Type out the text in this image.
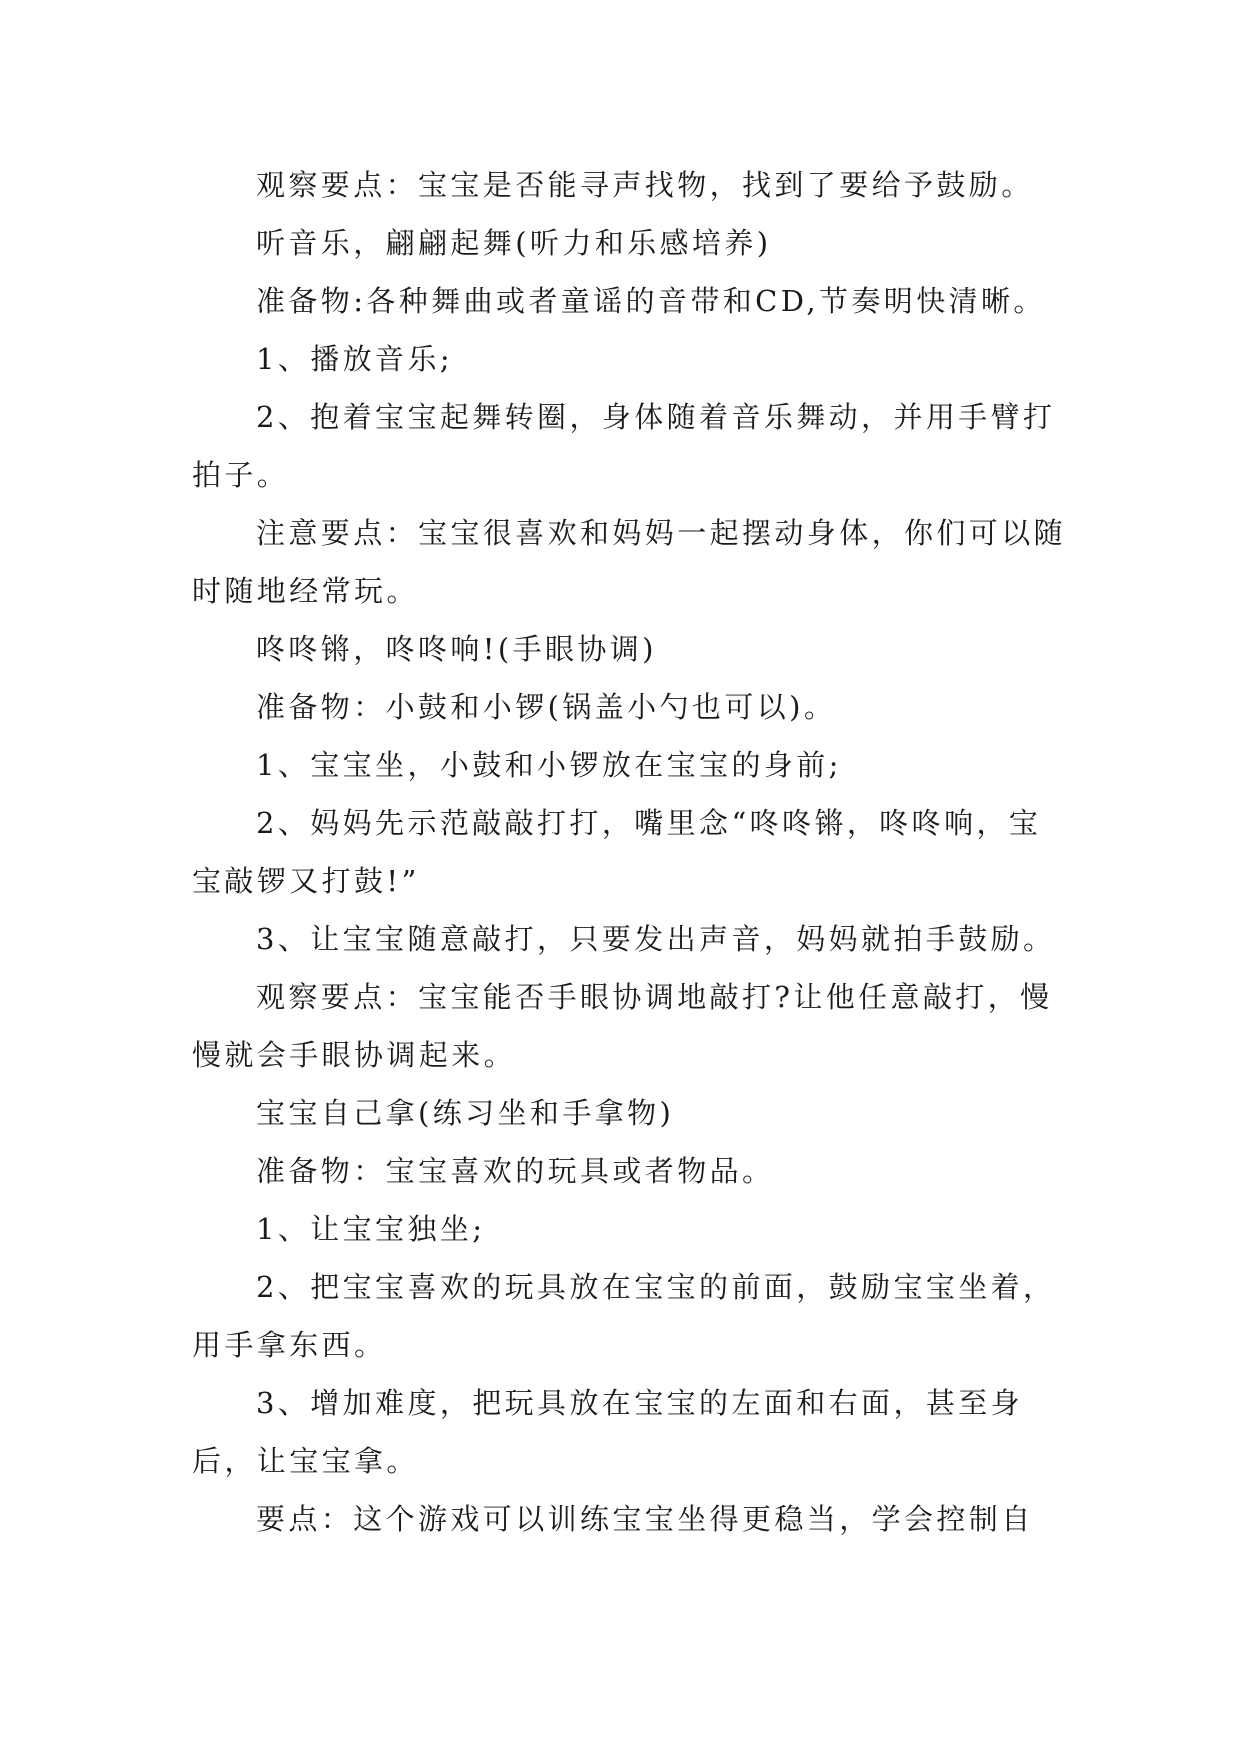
观察要点：宝宝是否能寻声找物，找到了要给予鼓励。

听音乐，翩翩起舞(听力和乐感培养)

准备物:各种舞曲或者童谣的音带和CD,节奏明快清晰。

1、播放音乐;

2、抱着宝宝起舞转圈，身体随着音乐舞动，并用手臂打拍子。

注意要点：宝宝很喜欢和妈妈一起摆动身体，你们可以随时随地经常玩。

咚咚锵，咚咚响!(手眼协调)

准备物：小鼓和小锣(锅盖小勺也可以)。

1、宝宝坐，小鼓和小锣放在宝宝的身前;

2、妈妈先示范敲敲打打，嘴里念“咚咚锵，咚咚响，宝宝敲锣又打鼓!”

3、让宝宝随意敲打，只要发出声音，妈妈就拍手鼓励。

观察要点：宝宝能否手眼协调地敲打?让他任意敲打，慢慢就会手眼协调起来。

宝宝自己拿(练习坐和手拿物)

准备物：宝宝喜欢的玩具或者物品。

1、让宝宝独坐;

2、把宝宝喜欢的玩具放在宝宝的前面，鼓励宝宝坐着，用手拿东西。

3、增加难度，把玩具放在宝宝的左面和右面，甚至身后，让宝宝拿。

要点：这个游戏可以训练宝宝坐得更稳当，学会控制自
